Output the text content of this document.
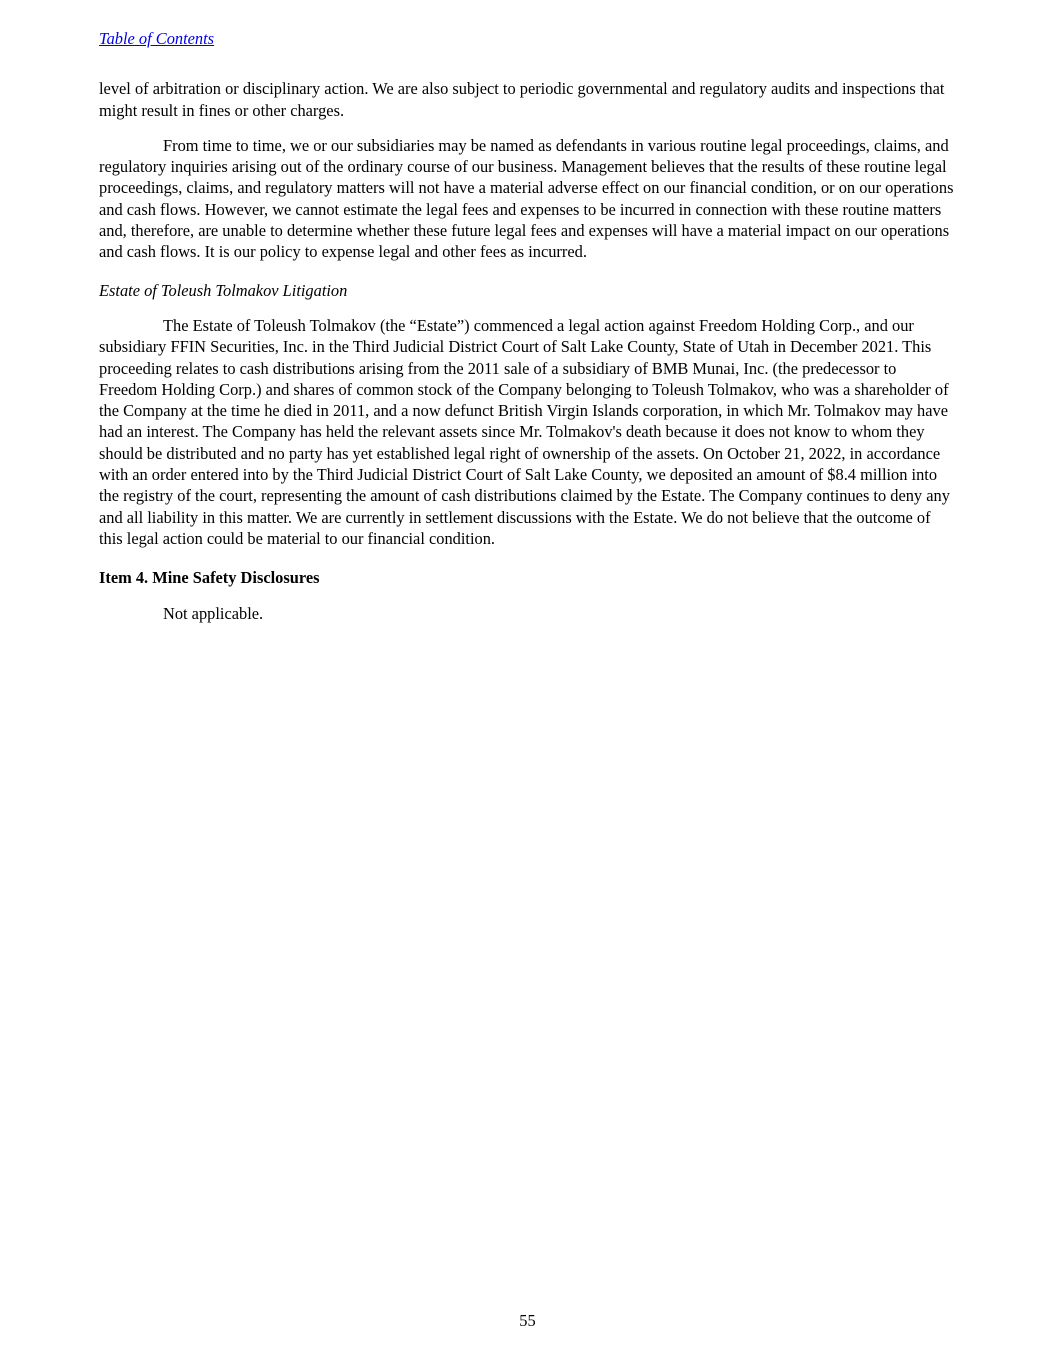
Table of Contents

level of arbitration or disciplinary action. We are also subject to periodic governmental and regulatory audits and inspections that might result in fines or other charges.

From time to time, we or our subsidiaries may be named as defendants in various routine legal proceedings, claims, and regulatory inquiries arising out of the ordinary course of our business. Management believes that the results of these routine legal proceedings, claims, and regulatory matters will not have a material adverse effect on our financial condition, or on our operations and cash flows. However, we cannot estimate the legal fees and expenses to be incurred in connection with these routine matters and, therefore, are unable to determine whether these future legal fees and expenses will have a material impact on our operations and cash flows. It is our policy to expense legal and other fees as incurred.

Estate of Toleush Tolmakov Litigation

The Estate of Toleush Tolmakov (the “Estate”) commenced a legal action against Freedom Holding Corp., and our subsidiary FFIN Securities, Inc. in the Third Judicial District Court of Salt Lake County, State of Utah in December 2021. This proceeding relates to cash distributions arising from the 2011 sale of a subsidiary of BMB Munai, Inc. (the predecessor to Freedom Holding Corp.) and shares of common stock of the Company belonging to Toleush Tolmakov, who was a shareholder of the Company at the time he died in 2011, and a now defunct British Virgin Islands corporation, in which Mr. Tolmakov may have had an interest. The Company has held the relevant assets since Mr. Tolmakov's death because it does not know to whom they should be distributed and no party has yet established legal right of ownership of the assets. On October 21, 2022, in accordance with an order entered into by the Third Judicial District Court of Salt Lake County, we deposited an amount of $8.4 million into the registry of the court, representing the amount of cash distributions claimed by the Estate. The Company continues to deny any and all liability in this matter. We are currently in settlement discussions with the Estate. We do not believe that the outcome of this legal action could be material to our financial condition.

Item 4. Mine Safety Disclosures

Not applicable.

55
